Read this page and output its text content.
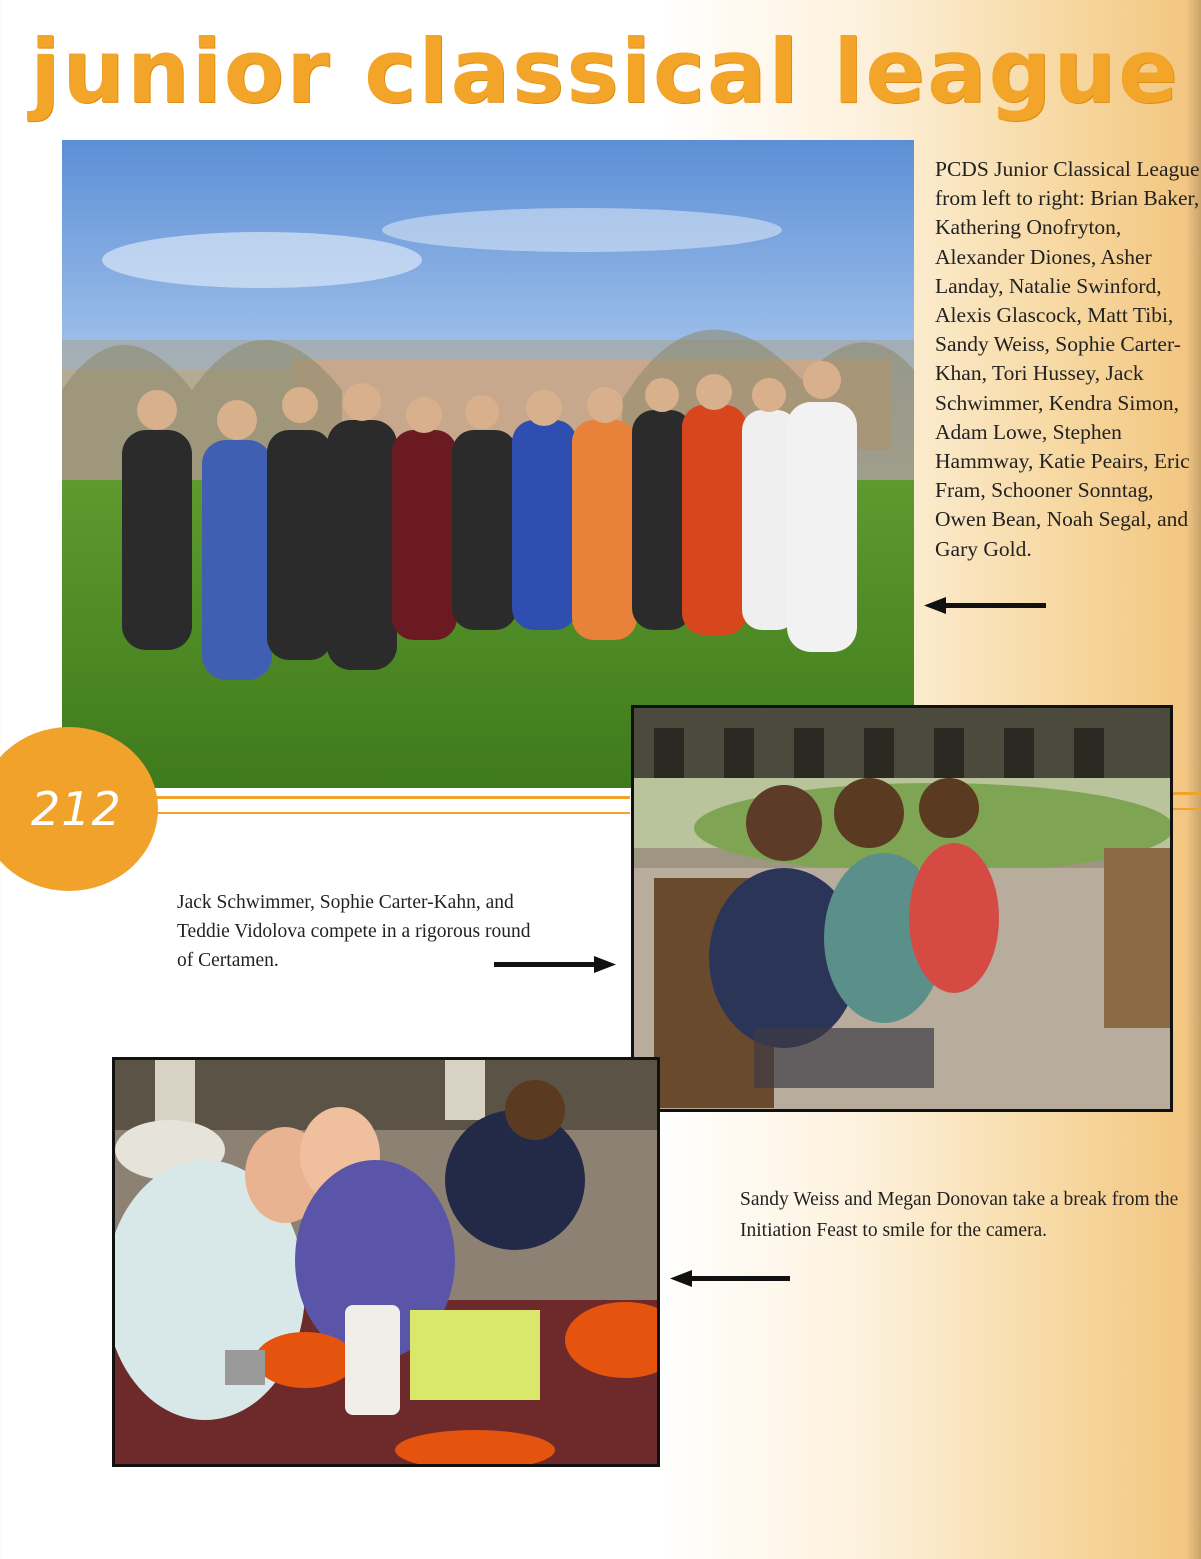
junior classical league

PCDS Junior Classical League from left to right: Brian Baker, Kathering Onofryton, Alexander Diones, Asher Landay, Natalie Swinford, Alexis Glascock, Matt Tibi, Sandy Weiss, Sophie Carter-Khan, Tori Hussey, Jack Schwimmer, Kendra Simon, Adam Lowe, Stephen Hammway, Katie Peairs, Eric Fram, Schooner Sonntag, Owen Bean, Noah Segal, and Gary Gold.

212

Jack Schwimmer, Sophie Carter-Kahn, and Teddie Vidolova compete in a rigorous round of Certamen.

Sandy Weiss and Megan Donovan take a break from the Initiation Feast to smile for the camera.
